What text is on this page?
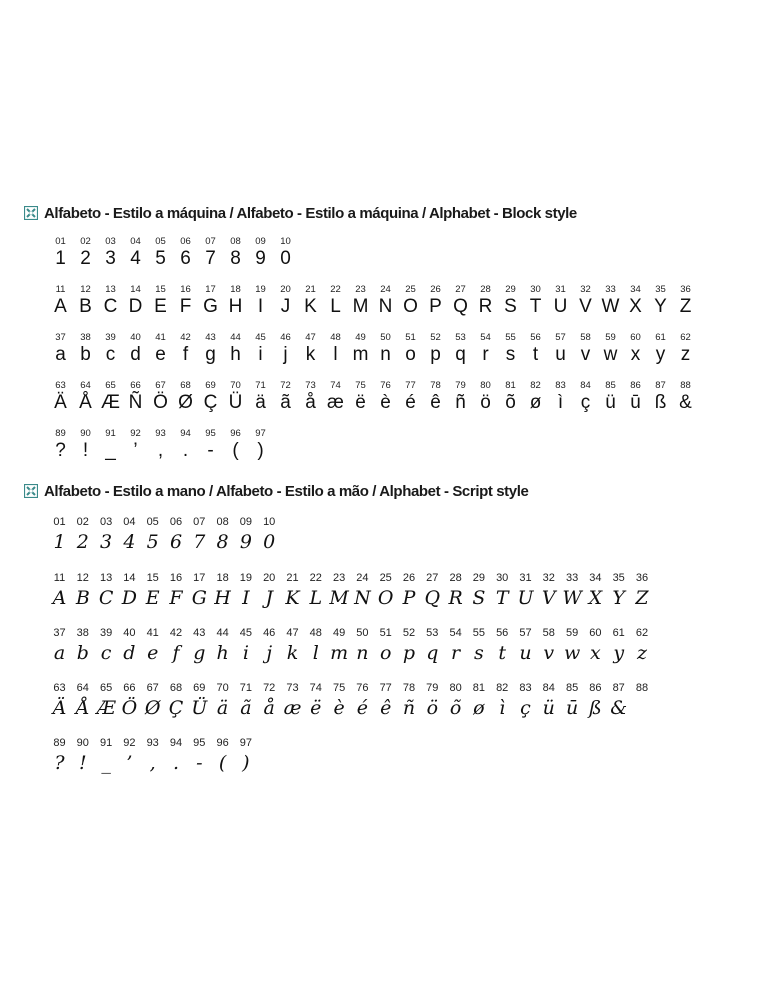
Alfabeto - Estilo a máquina / Alfabeto - Estilo a máquina / Alphabet - Block style
01
1
02
2
03
3
04
4
05
5
06
6
07
7
08
8
09
9
10
0
11
A
12
B
13
C
14
D
15
E
16
F
17
G
18
H
19
I
20
J
21
K
22
L
23
M
24
N
25
O
26
P
27
Q
28
R
29
S
30
T
31
U
32
V
33
W
34
X
35
Y
36
Z
37
a
38
b
39
c
40
d
41
e
42
f
43
g
44
h
45
i
46
j
47
k
48
l
49
m
50
n
51
o
52
p
53
q
54
r
55
s
56
t
57
u
58
v
59
w
60
x
61
y
62
z
63
Ä
64
Å
65
Æ
66
Ñ
67
Ö
68
Ø
69
Ç
70
Ü
71
ä
72
ã
73
å
74
æ
75
ë
76
è
77
é
78
ê
79
ñ
80
ö
81
õ
82
ø
83
ì
84
ç
85
ü
86
ū
87
ß
88
&
89
?
90
!
91
_
92
’
93
,
94
.
95
-
96
(
97
)
Alfabeto - Estilo a mano / Alfabeto - Estilo a mão / Alphabet - Script style
01
1
02
2
03
3
04
4
05
5
06
6
07
7
08
8
09
9
10
0
11
A
12
B
13
C
14
D
15
E
16
F
17
G
18
H
19
I
20
J
21
K
22
L
23
M
24
N
25
O
26
P
27
Q
28
R
29
S
30
T
31
U
32
V
33
W
34
X
35
Y
36
Z
37
a
38
b
39
c
40
d
41
e
42
f
43
g
44
h
45
i
46
j
47
k
48
l
49
m
50
n
51
o
52
p
53
q
54
r
55
s
56
t
57
u
58
v
59
w
60
x
61
y
62
z
63
Ä
64
Å
65
Æ
66
Ö
67
Ø
68
Ç
69
Ü
70
ä
71
ã
72
å
73
æ
74
ë
75
è
76
é
77
ê
78
ñ
79
ö
80
õ
81
ø
82
ì
83
ç
84
ü
85
ū
86
ß
87
&
88
89
?
90
!
91
_
92
’
93
,
94
.
95
-
96
(
97
)
